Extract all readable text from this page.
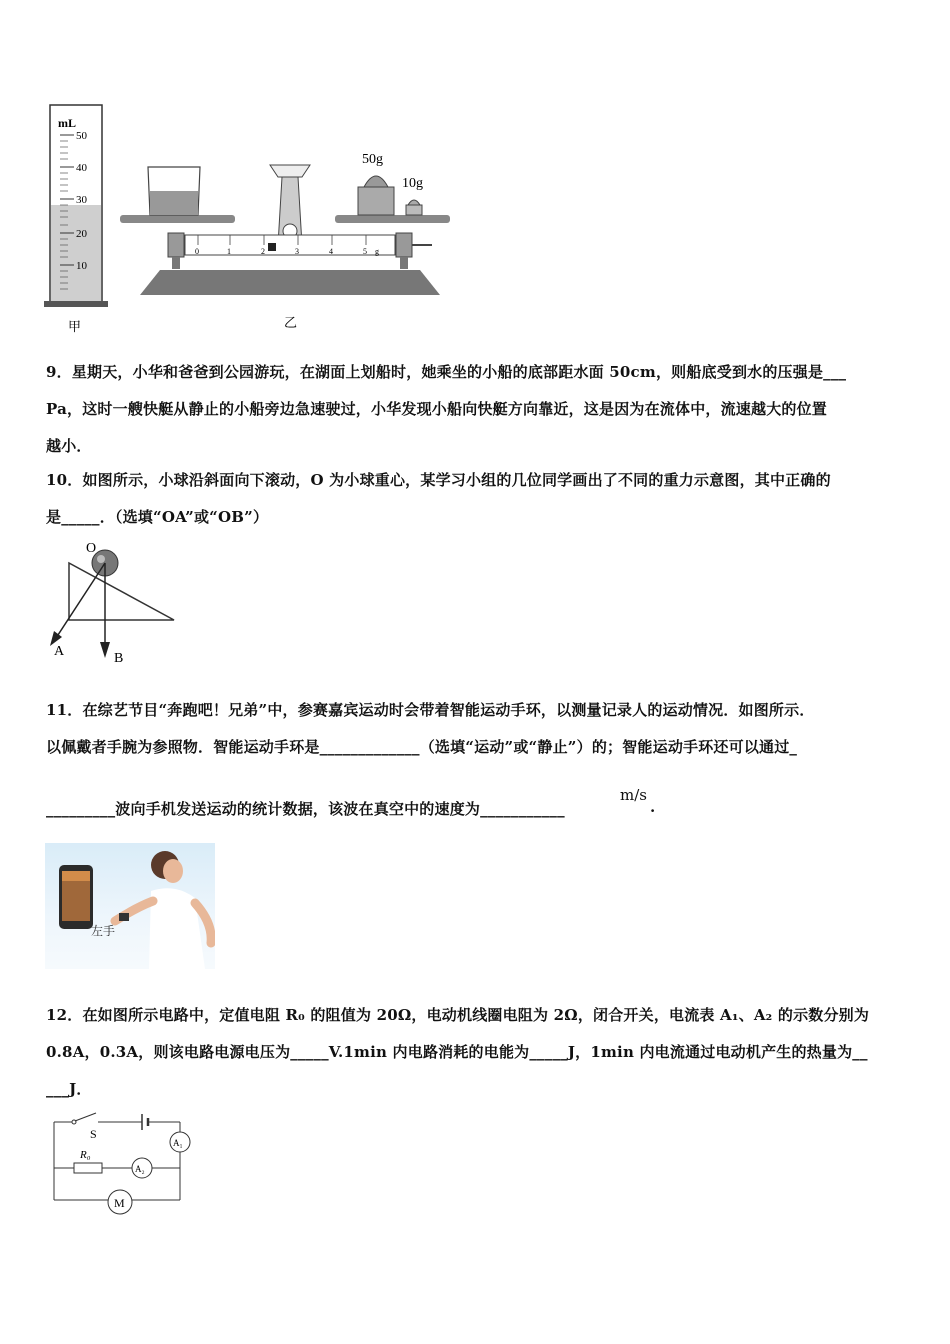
mL
50
40
30
20
10
甲
50g
10g
0	1	2	3	4	5 g
乙
9．星期天，小华和爸爸到公园游玩，在湖面上划船时，她乘坐的小船的底部距水面 50cm，则船底受到水的压强是___
Pa，这时一艘快艇从静止的小船旁边急速驶过，小华发现小船向快艇方向靠近，这是因为在流体中，流速越大的位置
越小．
10．如图所示，小球沿斜面向下滚动，O 为小球重心，某学习小组的几位同学画出了不同的重力示意图，其中正确的
是_____．（选填“OA”或“OB”）
O
A	B
11．在综艺节目“奔跑吧！兄弟”中，参赛嘉宾运动时会带着智能运动手环，以测量记录人的运动情况．如图所示．
以佩戴者手腕为参照物．智能运动手环是_____________（选填“运动”或“静止”）的；智能运动手环还可以通过_
_________波向手机发送运动的统计数据，该波在真空中的速度为___________
m/s
.
左手
12．在如图所示电路中，定值电阻 R₀ 的阻值为 20Ω，电动机线圈电阻为 2Ω，闭合开关，电流表 A₁、A₂ 的示数分别为
0.8A，0.3A，则该电路电源电压为_____V.1min 内电路消耗的电能为_____J，1min 内电流通过电动机产生的热量为__
___J．
S
A₁
R₀
A₂
M
